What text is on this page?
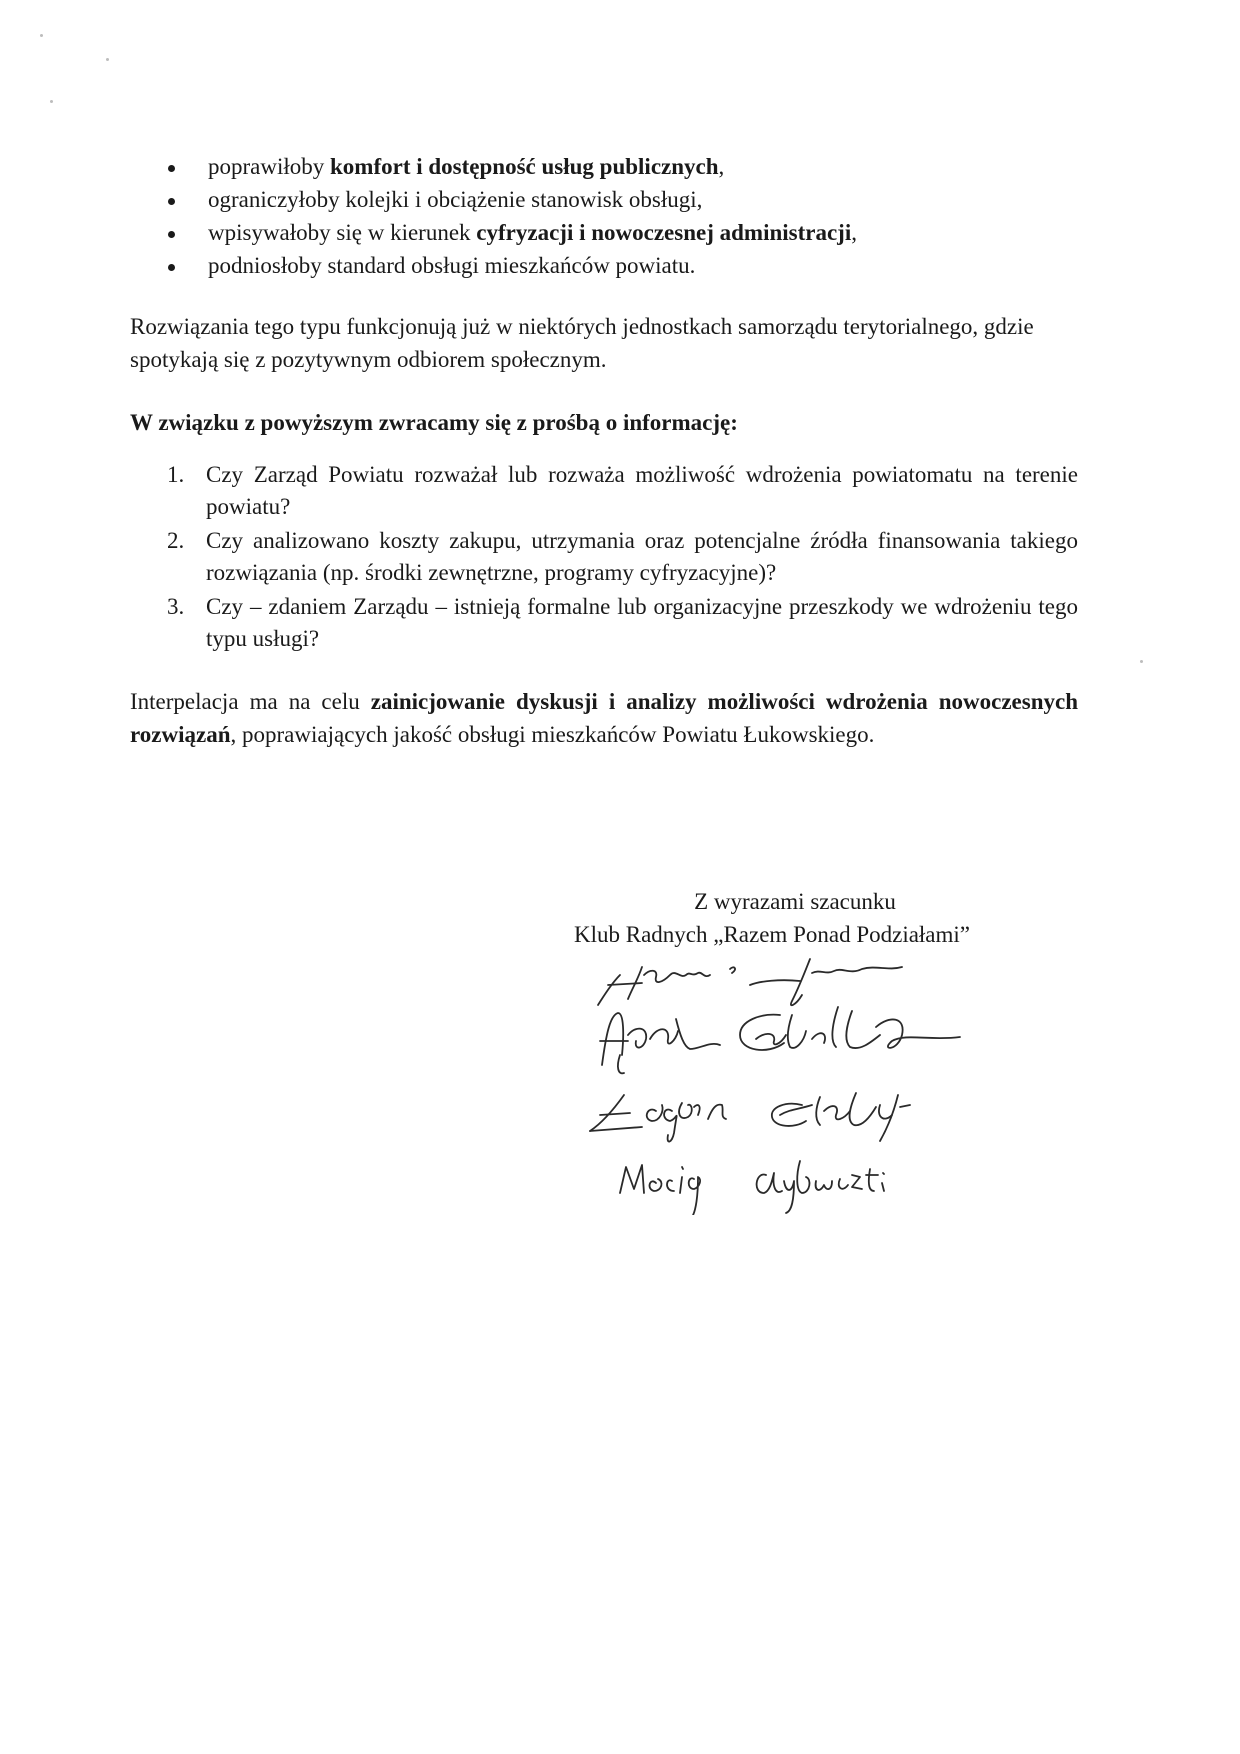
poprawiłoby komfort i dostępność usług publicznych,
ograniczyłoby kolejki i obciążenie stanowisk obsługi,
wpisywałoby się w kierunek cyfryzacji i nowoczesnej administracji,
podniosłoby standard obsługi mieszkańców powiatu.

Rozwiązania tego typu funkcjonują już w niektórych jednostkach samorządu terytorialnego, gdzie spotykają się z pozytywnym odbiorem społecznym.

W związku z powyższym zwracamy się z prośbą o informację:

1. Czy Zarząd Powiatu rozważał lub rozważa możliwość wdrożenia powiatomatu na terenie powiatu?
2. Czy analizowano koszty zakupu, utrzymania oraz potencjalne źródła finansowania takiego rozwiązania (np. środki zewnętrzne, programy cyfryzacyjne)?
3. Czy – zdaniem Zarządu – istnieją formalne lub organizacyjne przeszkody we wdrożeniu tego typu usługi?

Interpelacja ma na celu zainicjowanie dyskusji i analizy możliwości wdrożenia nowoczesnych rozwiązań, poprawiających jakość obsługi mieszkańców Powiatu Łukowskiego.

Z wyrazami szacunku
Klub Radnych „Razem Ponad Podziałami”
